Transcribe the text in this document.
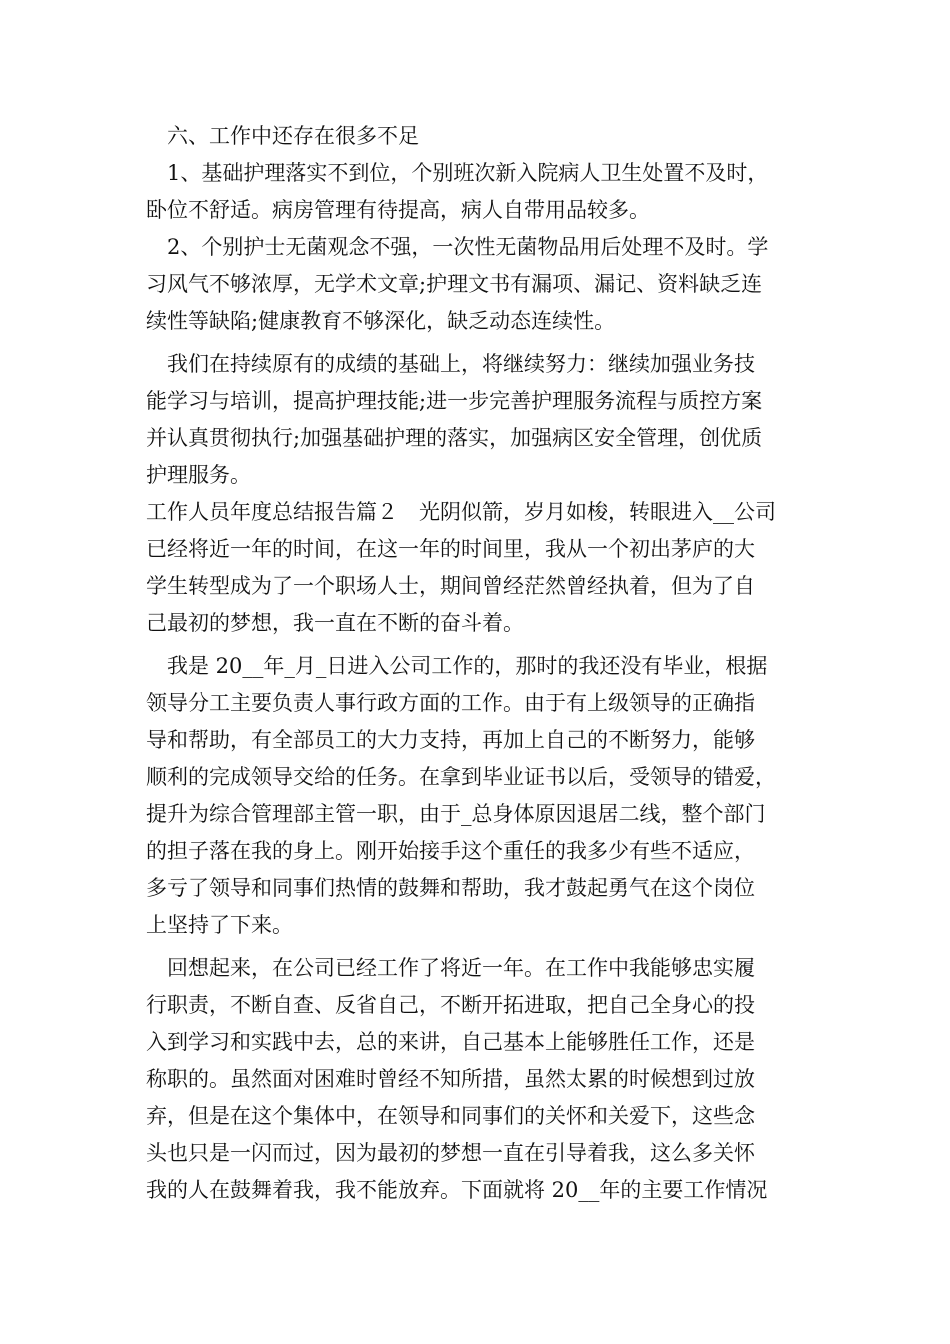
　六、工作中还存在很多不足
　1、基础护理落实不到位，个别班次新入院病人卫生处置不及时，
卧位不舒适。病房管理有待提高，病人自带用品较多。
　2、个别护士无菌观念不强，一次性无菌物品用后处理不及时。学
习风气不够浓厚，无学术文章;护理文书有漏项、漏记、资料缺乏连
续性等缺陷;健康教育不够深化，缺乏动态连续性。
　我们在持续原有的成绩的基础上，将继续努力：继续加强业务技
能学习与培训，提高护理技能;进一步完善护理服务流程与质控方案
并认真贯彻执行;加强基础护理的落实，加强病区安全管理，创优质
护理服务。
工作人员年度总结报告篇２　光阴似箭，岁月如梭，转眼进入__公司
已经将近一年的时间，在这一年的时间里，我从一个初出茅庐的大
学生转型成为了一个职场人士，期间曾经茫然曾经执着，但为了自
己最初的梦想，我一直在不断的奋斗着。
　我是 20__年_月_日进入公司工作的，那时的我还没有毕业，根据
领导分工主要负责人事行政方面的工作。由于有上级领导的正确指
导和帮助，有全部员工的大力支持，再加上自己的不断努力，能够
顺利的完成领导交给的任务。在拿到毕业证书以后，受领导的错爱，
提升为综合管理部主管一职，由于_总身体原因退居二线，整个部门
的担子落在我的身上。刚开始接手这个重任的我多少有些不适应，
多亏了领导和同事们热情的鼓舞和帮助，我才鼓起勇气在这个岗位
上坚持了下来。
　回想起来，在公司已经工作了将近一年。在工作中我能够忠实履
行职责，不断自查、反省自己，不断开拓进取，把自己全身心的投
入到学习和实践中去，总的来讲，自己基本上能够胜任工作，还是
称职的。虽然面对困难时曾经不知所措，虽然太累的时候想到过放
弃，但是在这个集体中，在领导和同事们的关怀和关爱下，这些念
头也只是一闪而过，因为最初的梦想一直在引导着我，这么多关怀
我的人在鼓舞着我，我不能放弃。下面就将 20__年的主要工作情况
